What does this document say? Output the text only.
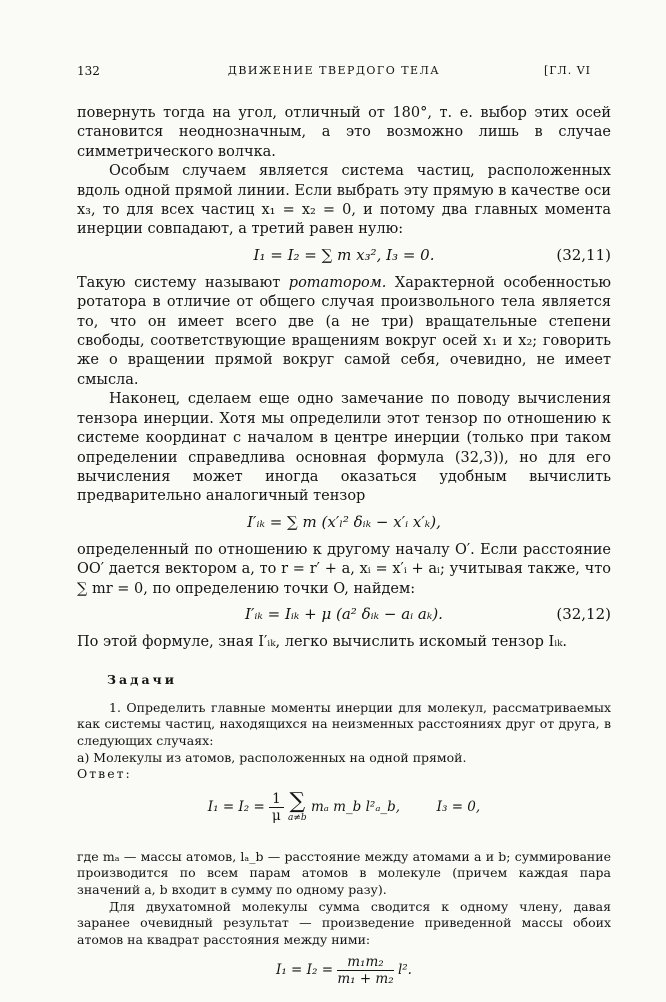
132	ДВИЖЕНИЕ ТВЕРДОГО ТЕЛА	[ГЛ. VI

повернуть тогда на угол, отличный от 180°, т. е. выбор этих осей становится неоднозначным, а это возможно лишь в случае симметрического волчка.

Особым случаем является система частиц, расположенных вдоль одной прямой линии. Если выбрать эту прямую в качестве оси x₃, то для всех частиц x₁ = x₂ = 0, и потому два главных момента инерции совпадают, а третий равен нулю:

I₁ = I₂ = ∑ m x₃², I₃ = 0.	(32,11)

Такую систему называют ротатором. Характерной особенностью ротатора в отличие от общего случая произвольного тела является то, что он имеет всего две (а не три) вращательные степени свободы, соответствующие вращениям вокруг осей x₁ и x₂; говорить же о вращении прямой вокруг самой себя, очевидно, не имеет смысла.

Наконец, сделаем еще одно замечание по поводу вычисления тензора инерции. Хотя мы определили этот тензор по отношению к системе координат с началом в центре инерции (только при таком определении справедлива основная формула (32,3)), но для его вычисления может иногда оказаться удобным вычислить предварительно аналогичный тензор

I′ᵢₖ = ∑ m (x′ₗ² δᵢₖ − x′ᵢ x′ₖ),

определенный по отношению к другому началу O′. Если расстояние OO′ дается вектором a, то r = r′ + a, xᵢ = x′ᵢ + aᵢ; учитывая также, что ∑ mr = 0, по определению точки O, найдем:

I′ᵢₖ = Iᵢₖ + μ (a² δᵢₖ − aᵢ aₖ).	(32,12)

По этой формуле, зная I′ᵢₖ, легко вычислить искомый тензор Iᵢₖ.

Задачи

1. Определить главные моменты инерции для молекул, рассматриваемых как системы частиц, находящихся на неизменных расстояниях друг от друга, в следующих случаях:

а) Молекулы из атомов, расположенных на одной прямой.

Ответ:

$I_1 = I_2 = \frac{1}{\mu}$
∑
a≠b
mₐ m_b l²ₐ_b,	I₃ = 0,

где mₐ — массы атомов, lₐ_b — расстояние между атомами a и b; суммирование производится по всем парам атомов в молекуле (причем каждая пара значений a, b входит в сумму по одному разу).

Для двухатомной молекулы сумма сводится к одному члену, давая заранее очевидный результат — произведение приведенной массы обоих атомов на квадрат расстояния между ними:

$I_1 = I_2 = \frac{\text{m₁m₂}}{\text{m₁ + m₂}} l^2$.
